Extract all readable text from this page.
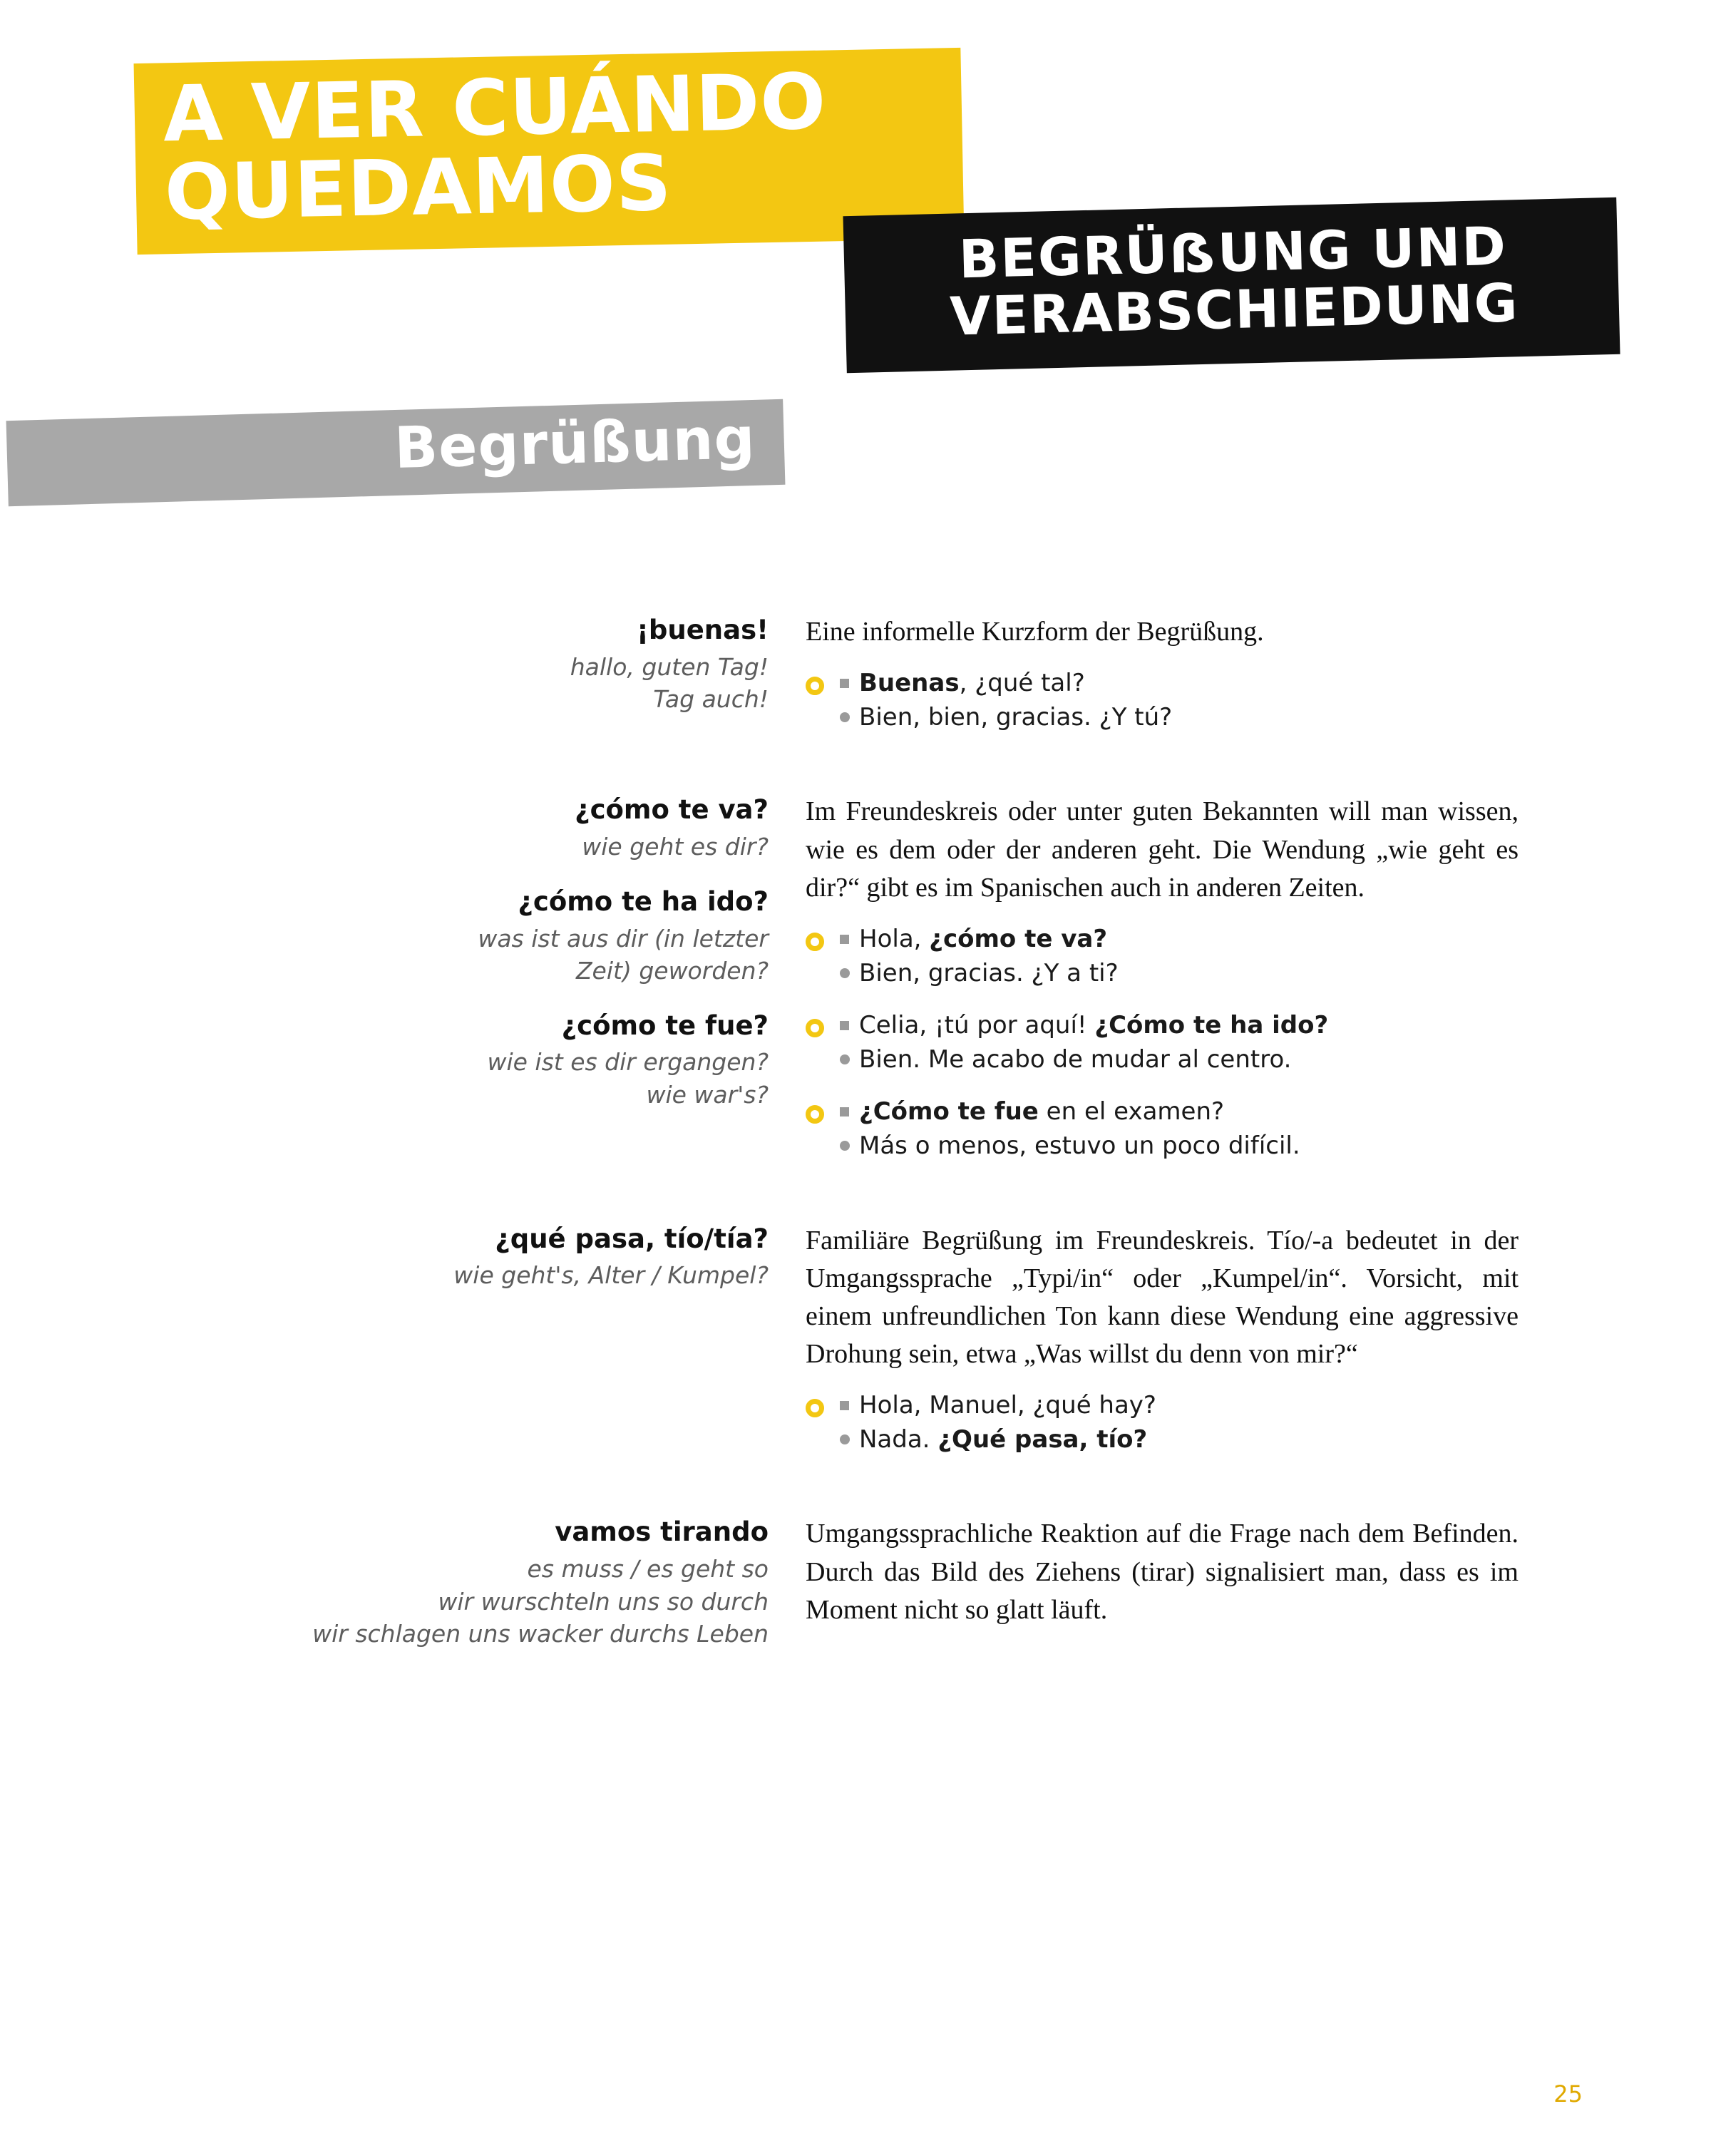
A VER CUÁNDO
QUEDAMOS
BEGRÜẞUNG UND
VERABSCHIEDUNG
Begrüßung
¡buenas!
hallo, guten Tag!
Tag auch!

Eine informelle Kurzform der Begrüßung.

Buenas, ¿qué tal?
Bien, bien, gracias. ¿Y tú?
¿cómo te va?
wie geht es dir?
¿cómo te ha ido?
was ist aus dir (in letzter
Zeit) geworden?
¿cómo te fue?
wie ist es dir ergangen?
wie war's?

Im Freundeskreis oder unter guten Bekannten will man wissen, wie es dem oder der anderen geht. Die Wendung „wie geht es dir?“ gibt es im Spanischen auch in anderen Zeiten.

Hola, ¿cómo te va?
Bien, gracias. ¿Y a ti?
Celia, ¡tú por aquí! ¿Cómo te ha ido?
Bien. Me acabo de mudar al centro.
¿Cómo te fue en el examen?
Más o menos, estuvo un poco difícil.
¿qué pasa, tío/tía?
wie geht's, Alter / Kumpel?

Familiäre Begrüßung im Freundeskreis. Tío/-a bedeutet in der Umgangssprache „Typi/in“ oder „Kumpel/in“. Vorsicht, mit einem unfreundlichen Ton kann diese Wendung eine aggressive Drohung sein, etwa „Was willst du denn von mir?“

Hola, Manuel, ¿qué hay?
Nada. ¿Qué pasa, tío?
vamos tirando
es muss / es geht so
wir wurschteln uns so durch
wir schlagen uns wacker durchs Leben

Umgangssprachliche Reaktion auf die Frage nach dem Befinden. Durch das Bild des Ziehens (tirar) signalisiert man, dass es im Moment nicht so glatt läuft.

25
